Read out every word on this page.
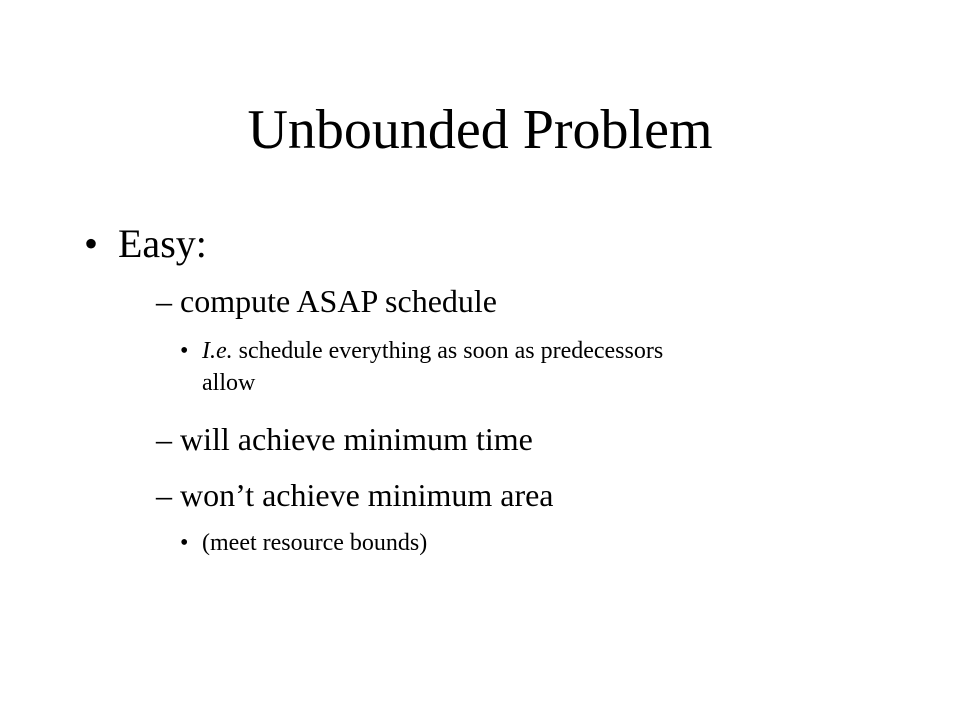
Unbounded Problem
• Easy:
– compute ASAP schedule
• I.e. schedule everything as soon as predecessors
allow
– will achieve minimum time
– won’t achieve minimum area
• (meet resource bounds)
